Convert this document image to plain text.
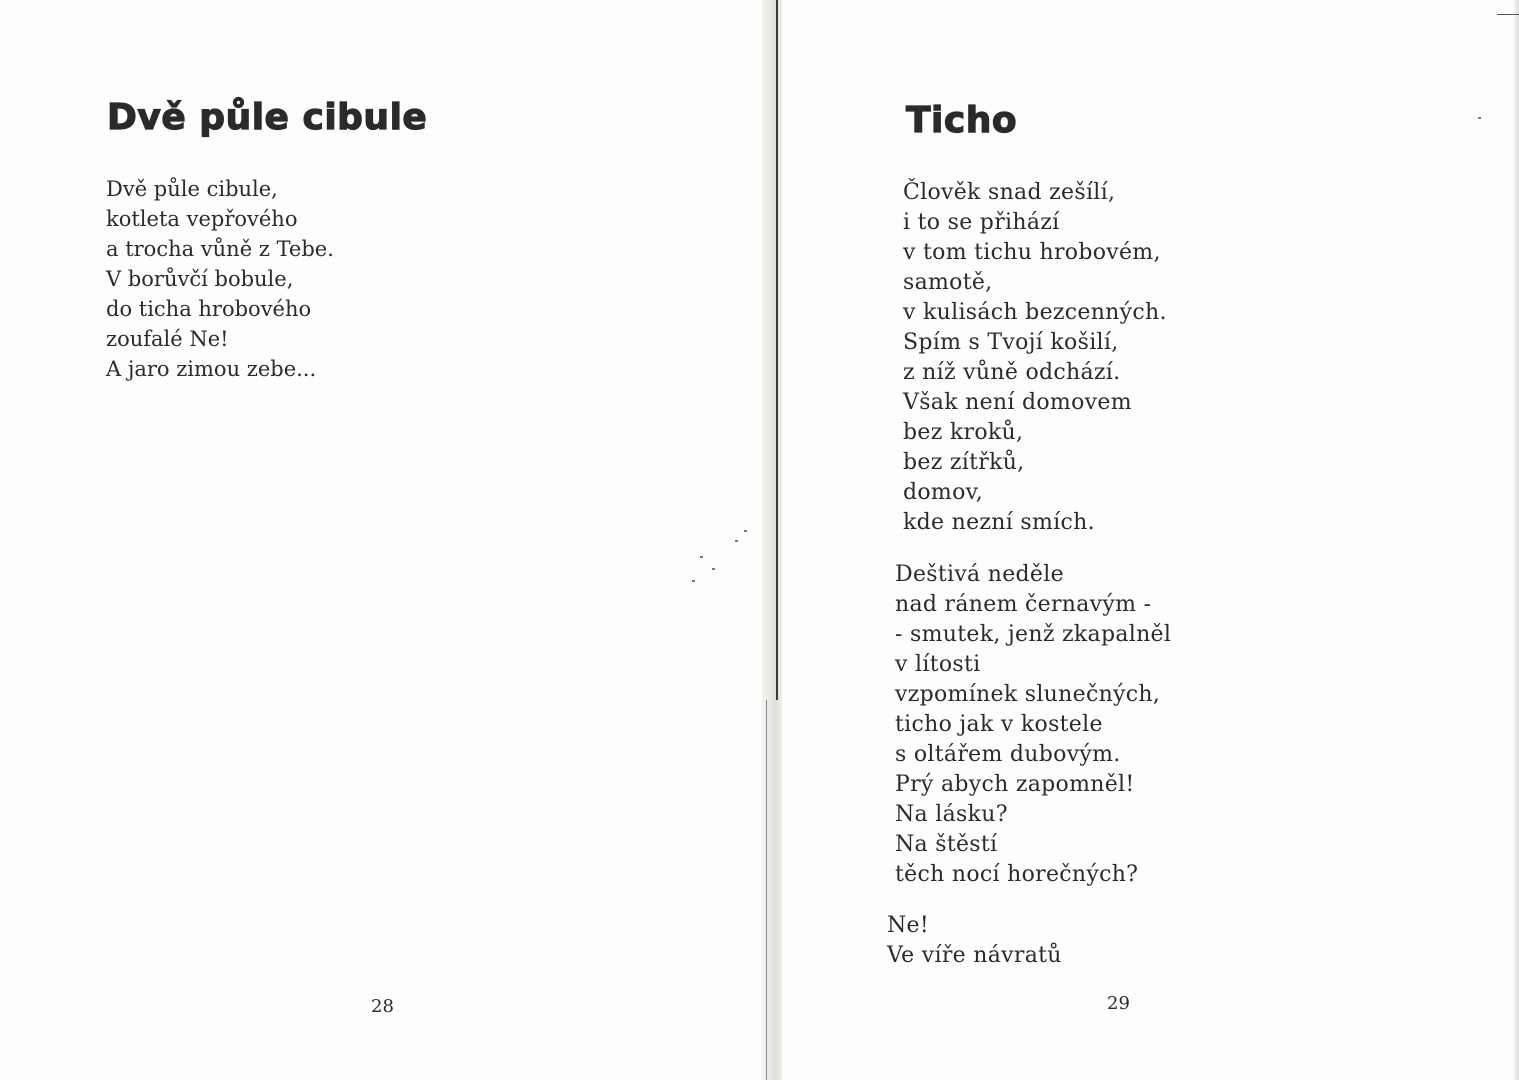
Dvě půle cibule
Dvě půle cibule,
kotleta vepřového
a trocha vůně z Tebe.
V borůvčí bobule,
do ticha hrobového
zoufalé Ne!
A jaro zimou zebe...

28

Ticho
Člověk snad zešílí,
i to se přihází
v tom tichu hrobovém,
samotě,
v kulisách bezcenných.
Spím s Tvojí košilí,
z níž vůně odchází.
Však není domovem
bez kroků,
bez zítřků,
domov,
kde nezní smích.
Deštivá neděle
nad ránem černavým -
- smutek, jenž zkapalněl
v lítosti
vzpomínek slunečných,
ticho jak v kostele
s oltářem dubovým.
Prý abych zapomněl!
Na lásku?
Na štěstí
těch nocí horečných?
Ne!
Ve víře návratů

29
